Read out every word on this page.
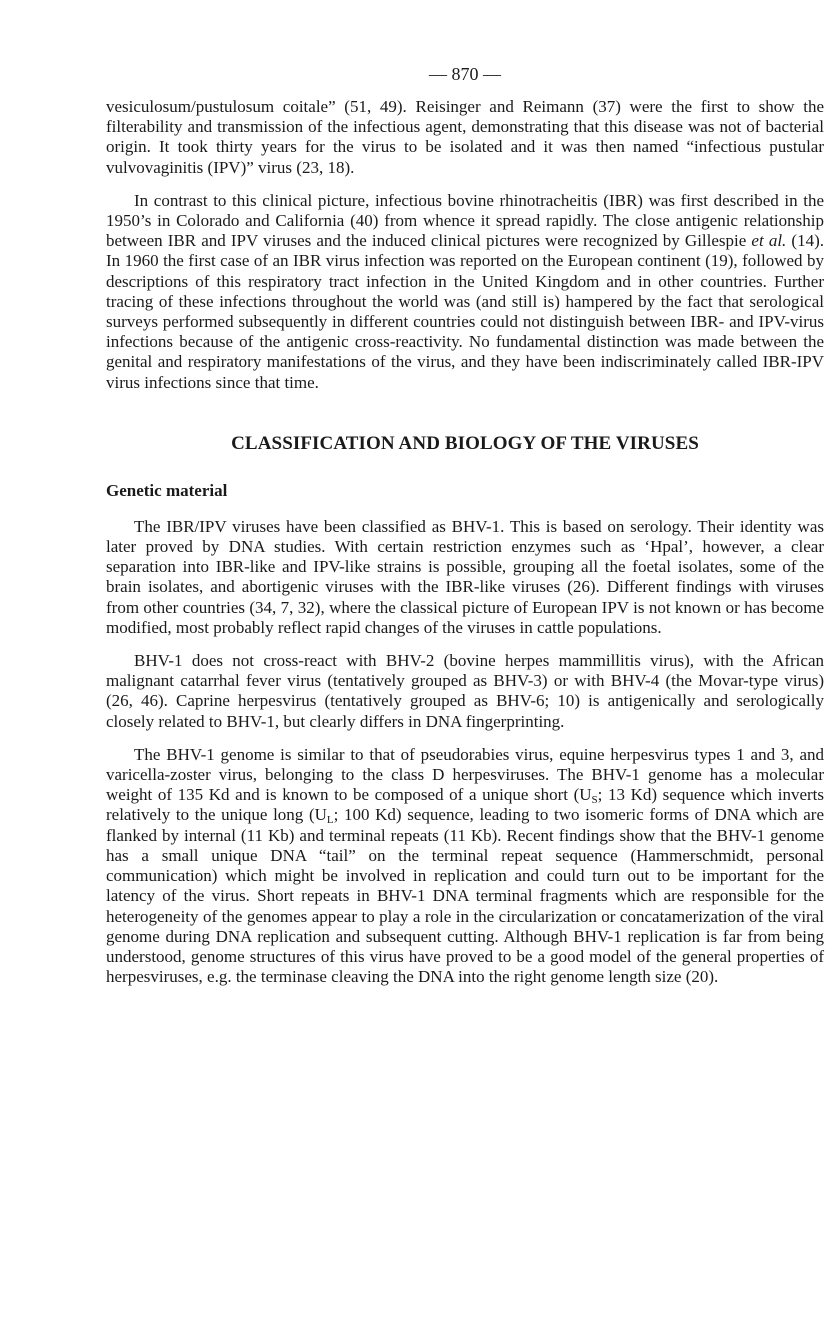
— 870 —

vesiculosum/pustulosum coitale” (51, 49). Reisinger and Reimann (37) were the first to show the filterability and transmission of the infectious agent, demonstrating that this disease was not of bacterial origin. It took thirty years for the virus to be isolated and it was then named “infectious pustular vulvovaginitis (IPV)” virus (23, 18).

In contrast to this clinical picture, infectious bovine rhinotracheitis (IBR) was first described in the 1950’s in Colorado and California (40) from whence it spread rapidly. The close antigenic relationship between IBR and IPV viruses and the induced clinical pictures were recognized by Gillespie et al. (14). In 1960 the first case of an IBR virus infection was reported on the European continent (19), followed by descriptions of this respiratory tract infection in the United Kingdom and in other countries. Further tracing of these infections throughout the world was (and still is) hampered by the fact that serological surveys performed subsequently in different countries could not distinguish between IBR- and IPV-virus infections because of the antigenic cross-reactivity. No fundamental distinction was made between the genital and respiratory manifestations of the virus, and they have been indiscriminately called IBR-IPV virus infections since that time.

CLASSIFICATION AND BIOLOGY OF THE VIRUSES
Genetic material

The IBR/IPV viruses have been classified as BHV-1. This is based on serology. Their identity was later proved by DNA studies. With certain restriction enzymes such as ‘Hpal’, however, a clear separation into IBR-like and IPV-like strains is possible, grouping all the foetal isolates, some of the brain isolates, and abortigenic viruses with the IBR-like viruses (26). Different findings with viruses from other countries (34, 7, 32), where the classical picture of European IPV is not known or has become modified, most probably reflect rapid changes of the viruses in cattle populations.

BHV-1 does not cross-react with BHV-2 (bovine herpes mammillitis virus), with the African malignant catarrhal fever virus (tentatively grouped as BHV-3) or with BHV-4 (the Movar-type virus) (26, 46). Caprine herpesvirus (tentatively grouped as BHV-6; 10) is antigenically and serologically closely related to BHV-1, but clearly differs in DNA fingerprinting.

The BHV-1 genome is similar to that of pseudorabies virus, equine herpesvirus types 1 and 3, and varicella-zoster virus, belonging to the class D herpesviruses. The BHV-1 genome has a molecular weight of 135 Kd and is known to be composed of a unique short ($U_S$; 13 Kd) sequence which inverts relatively to the unique long ($U_L$; 100 Kd) sequence, leading to two isomeric forms of DNA which are flanked by internal (11 Kb) and terminal repeats (11 Kb). Recent findings show that the BHV-1 genome has a small unique DNA “tail” on the terminal repeat sequence (Hammerschmidt, personal communication) which might be involved in replication and could turn out to be important for the latency of the virus. Short repeats in BHV-1 DNA terminal fragments which are responsible for the heterogeneity of the genomes appear to play a role in the circularization or concatamerization of the viral genome during DNA replication and subsequent cutting. Although BHV-1 replication is far from being understood, genome structures of this virus have proved to be a good model of the general properties of herpesviruses, e.g. the terminase cleaving the DNA into the right genome length size (20).
